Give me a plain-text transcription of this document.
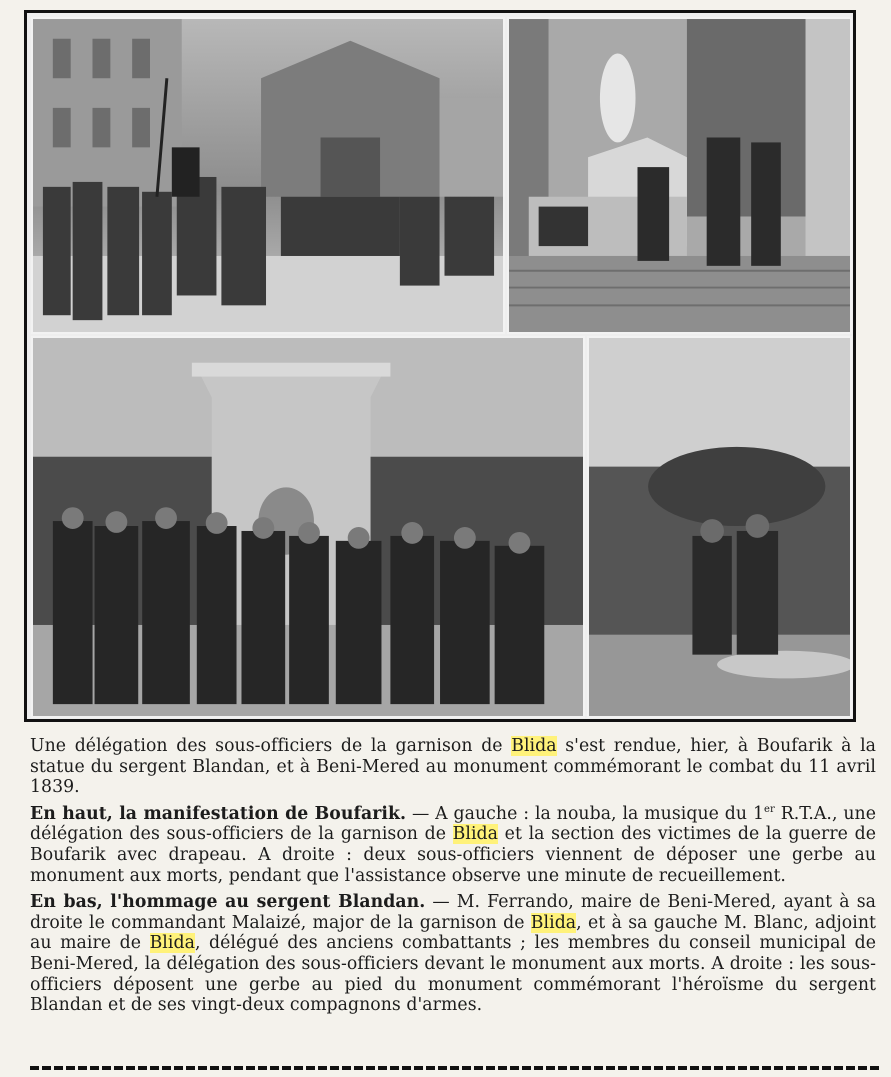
Une délégation des sous-officiers de la garnison de Blida s'est rendue, hier, à Boufarik à la statue du sergent Blandan, et à Beni-Mered au monument commémorant le combat du 11 avril 1839.

En haut, la manifestation de Boufarik. — A gauche : la nouba, la musique du 1er R.T.A., une délégation des sous-officiers de la garnison de Blida et la section des victimes de la guerre de Boufarik avec drapeau. A droite : deux sous-officiers viennent de déposer une gerbe au monument aux morts, pendant que l'assistance observe une minute de recueillement.

En bas, l'hommage au sergent Blandan. — M. Ferrando, maire de Beni-Mered, ayant à sa droite le commandant Malaizé, major de la garnison de Blida, et à sa gauche M. Blanc, adjoint au maire de Blida, délégué des anciens combattants ; les membres du conseil municipal de Beni-Mered, la délégation des sous-officiers devant le monument aux morts. A droite : les sous-officiers déposent une gerbe au pied du monument commémorant l'héroïsme du sergent Blandan et de ses vingt-deux compagnons d'armes.
